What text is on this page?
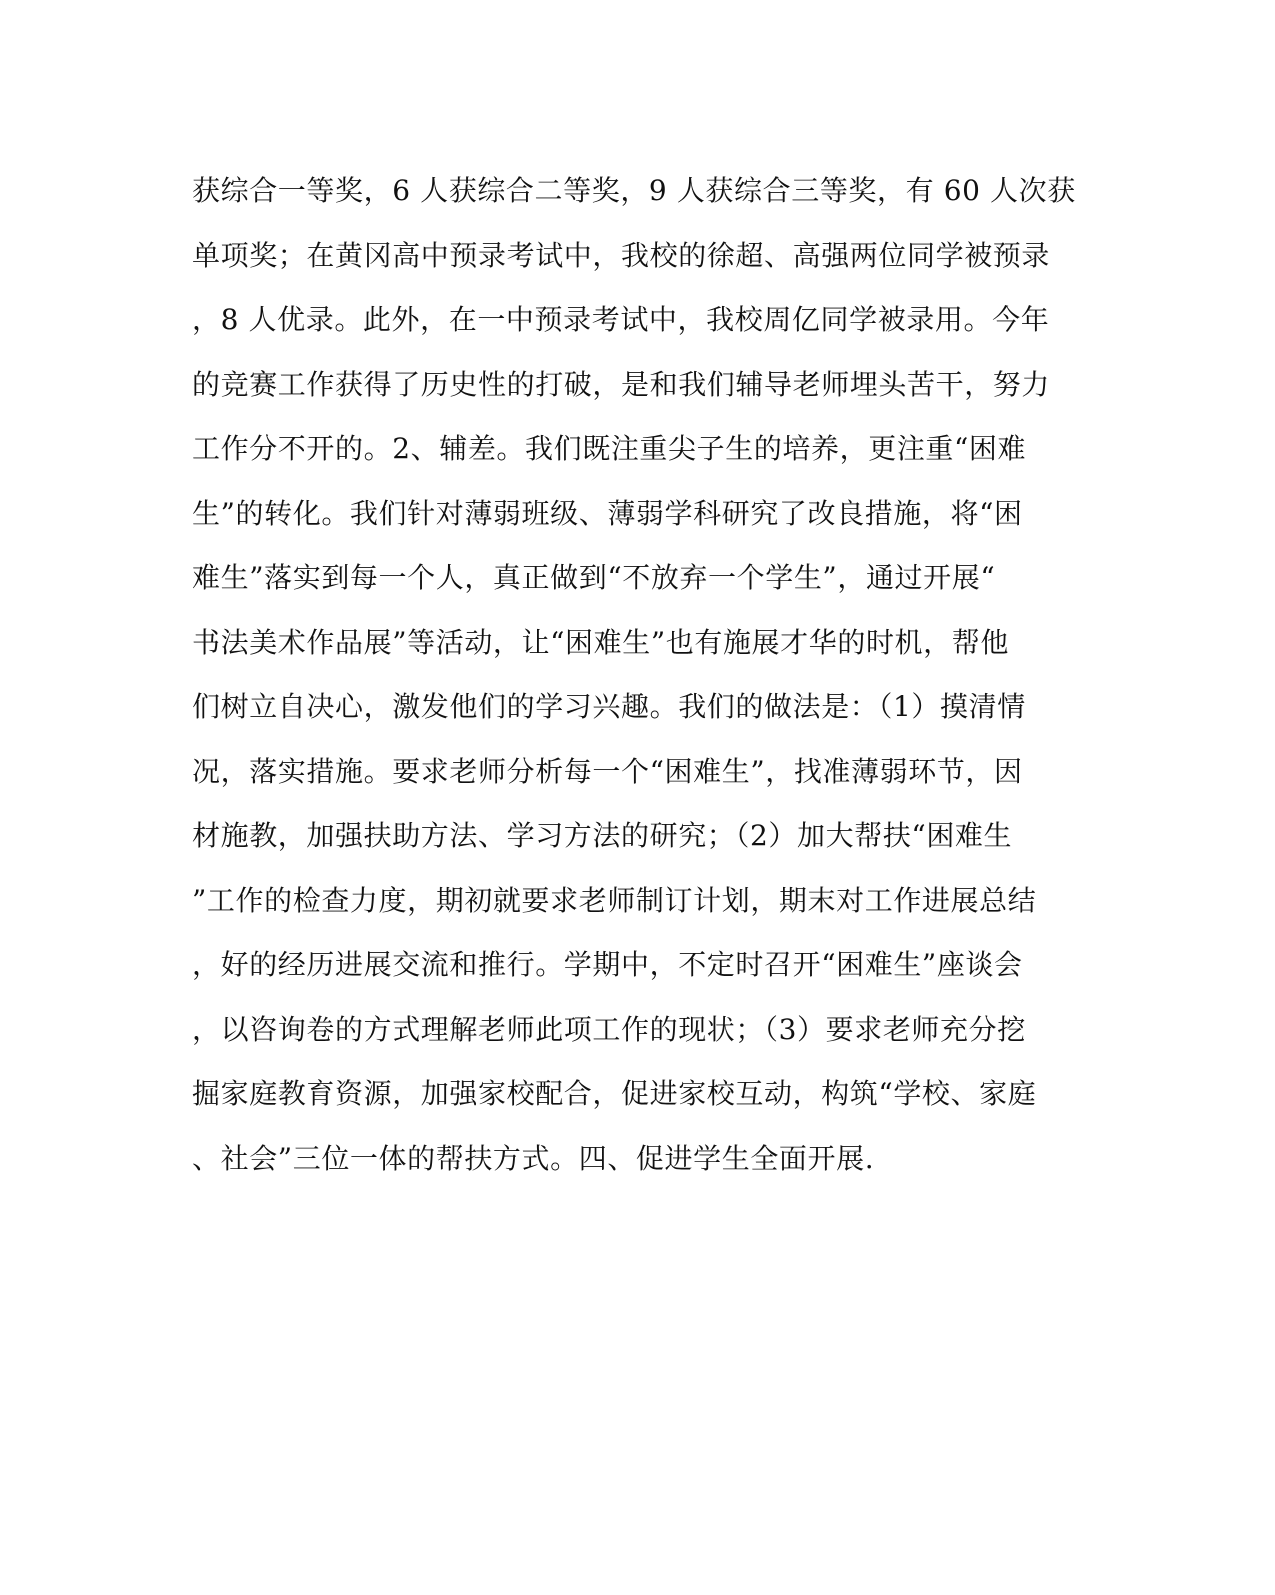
获综合一等奖，6 人获综合二等奖，9 人获综合三等奖，有 60 人次获
单项奖；在黄冈高中预录考试中，我校的徐超、高强两位同学被预录
，8 人优录。此外，在一中预录考试中，我校周亿同学被录用。今年
的竞赛工作获得了历史性的打破，是和我们辅导老师埋头苦干，努力
工作分不开的。2、辅差。我们既注重尖子生的培养，更注重“困难
生”的转化。我们针对薄弱班级、薄弱学科研究了改良措施，将“困
难生”落实到每一个人，真正做到“不放弃一个学生”，通过开展“
书法美术作品展”等活动，让“困难生”也有施展才华的时机，帮他
们树立自决心，激发他们的学习兴趣。我们的做法是：（1）摸清情
况，落实措施。要求老师分析每一个“困难生”，找准薄弱环节，因
材施教，加强扶助方法、学习方法的研究；（2）加大帮扶“困难生
”工作的检查力度，期初就要求老师制订计划，期末对工作进展总结
，好的经历进展交流和推行。学期中，不定时召开“困难生”座谈会
，以咨询卷的方式理解老师此项工作的现状；（3）要求老师充分挖
掘家庭教育资源，加强家校配合，促进家校互动，构筑“学校、家庭
、社会”三位一体的帮扶方式。四、促进学生全面开展.
